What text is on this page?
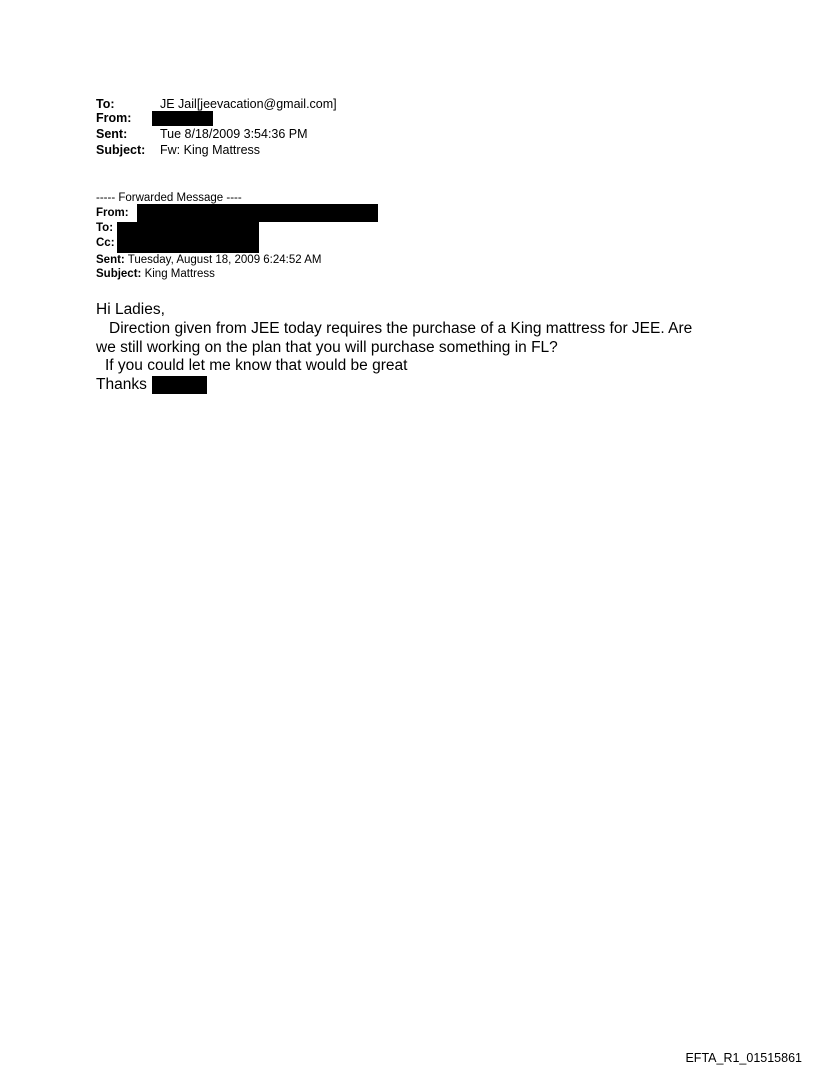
To:	JE Jail[jeevacation@gmail.com]
From:
Sent:	Tue 8/18/2009 3:54:36 PM
Subject: Fw: King Mattress
----- Forwarded Message ----
From:
To:
Cc:
Sent: Tuesday, August 18, 2009 6:24:52 AM
Subject: King Mattress
Hi Ladies,
Direction given from JEE today requires the purchase of a King mattress for JEE. Are
we still working on the plan that you will purchase something in FL?
If you could let me know that would be great
Thanks
EFTA_R1_01515861
